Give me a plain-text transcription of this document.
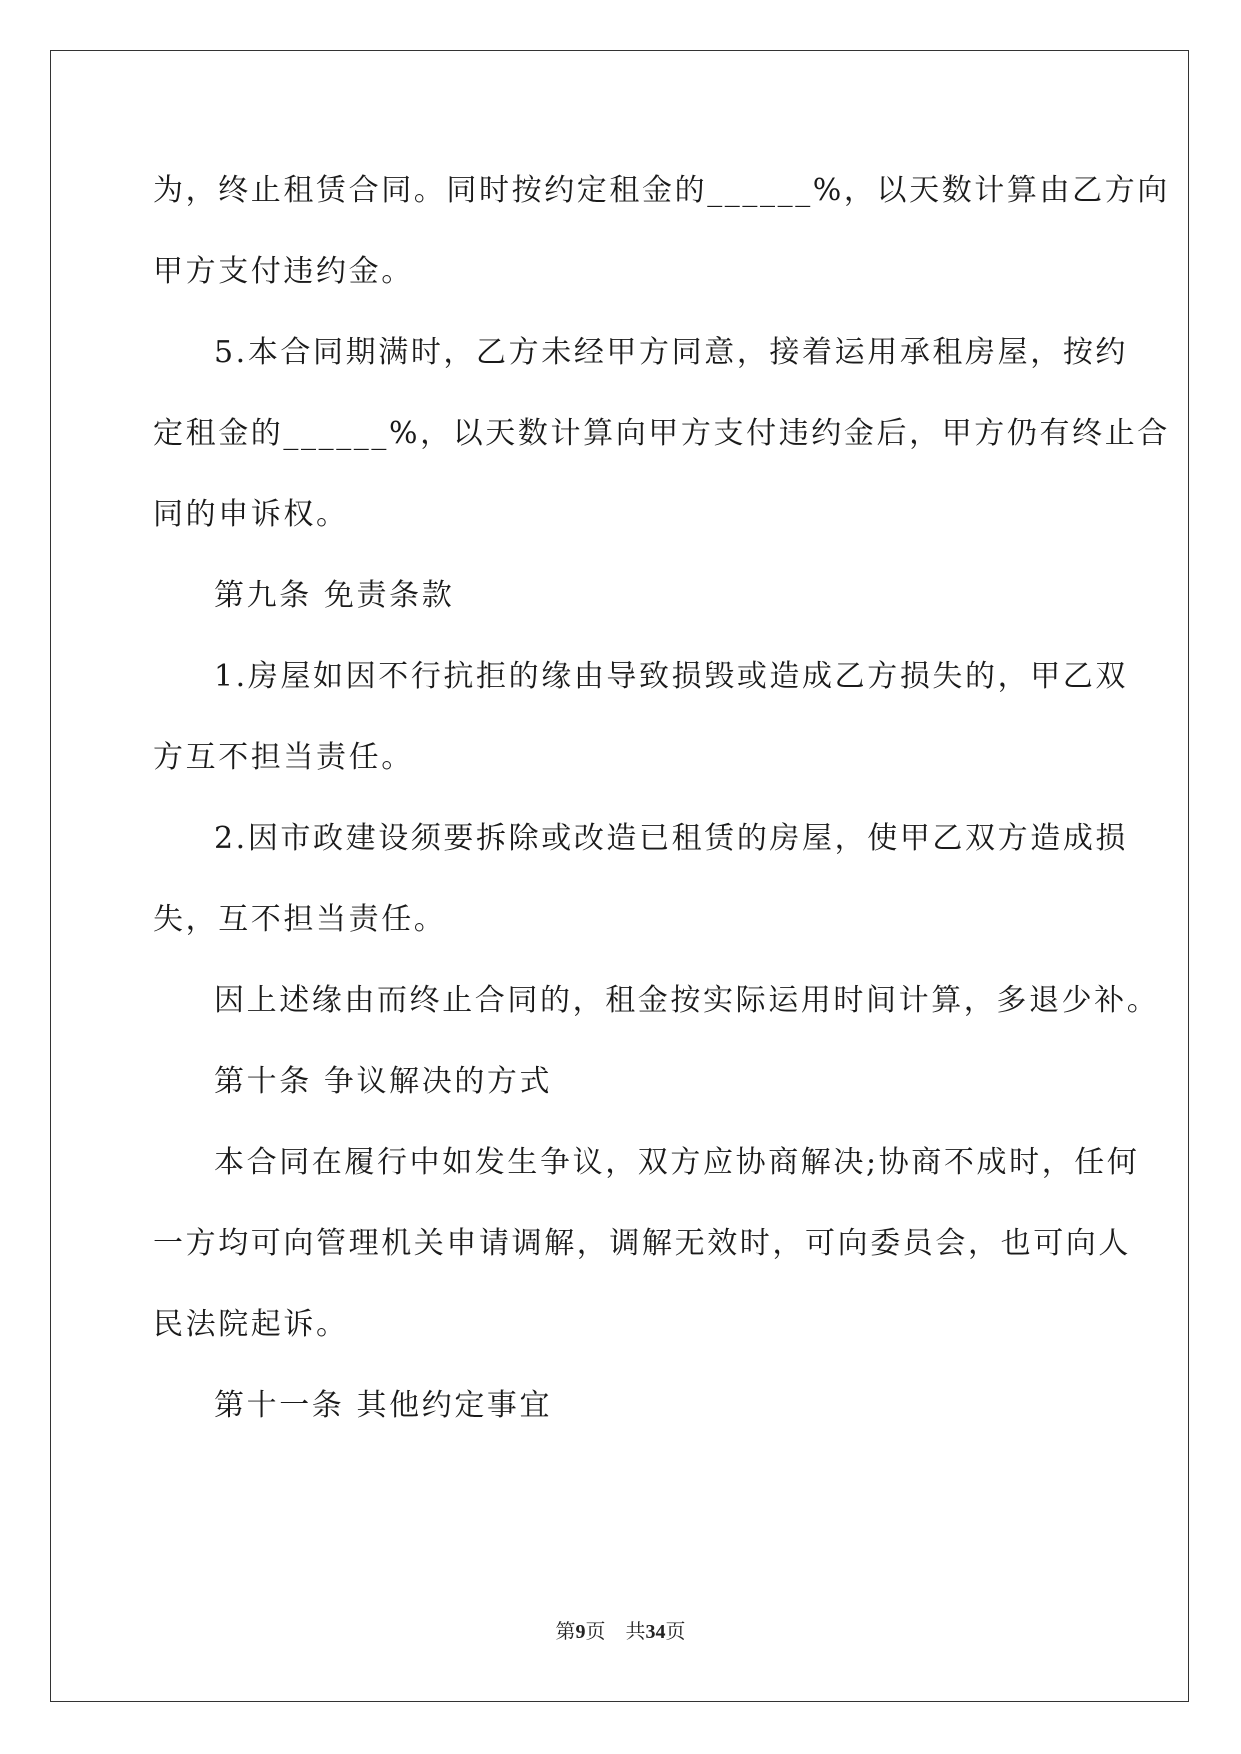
为，终止租赁合同。同时按约定租金的______%，以天数计算由乙方向
甲方支付违约金。
5.本合同期满时，乙方未经甲方同意，接着运用承租房屋，按约
定租金的______%，以天数计算向甲方支付违约金后，甲方仍有终止合
同的申诉权。
第九条 免责条款
1.房屋如因不行抗拒的缘由导致损毁或造成乙方损失的，甲乙双
方互不担当责任。
2.因市政建设须要拆除或改造已租赁的房屋，使甲乙双方造成损
失，互不担当责任。
因上述缘由而终止合同的，租金按实际运用时间计算，多退少补。
第十条 争议解决的方式
本合同在履行中如发生争议，双方应协商解决;协商不成时，任何
一方均可向管理机关申请调解，调解无效时，可向委员会，也可向人
民法院起诉。
第十一条 其他约定事宜
第9页 共34页
